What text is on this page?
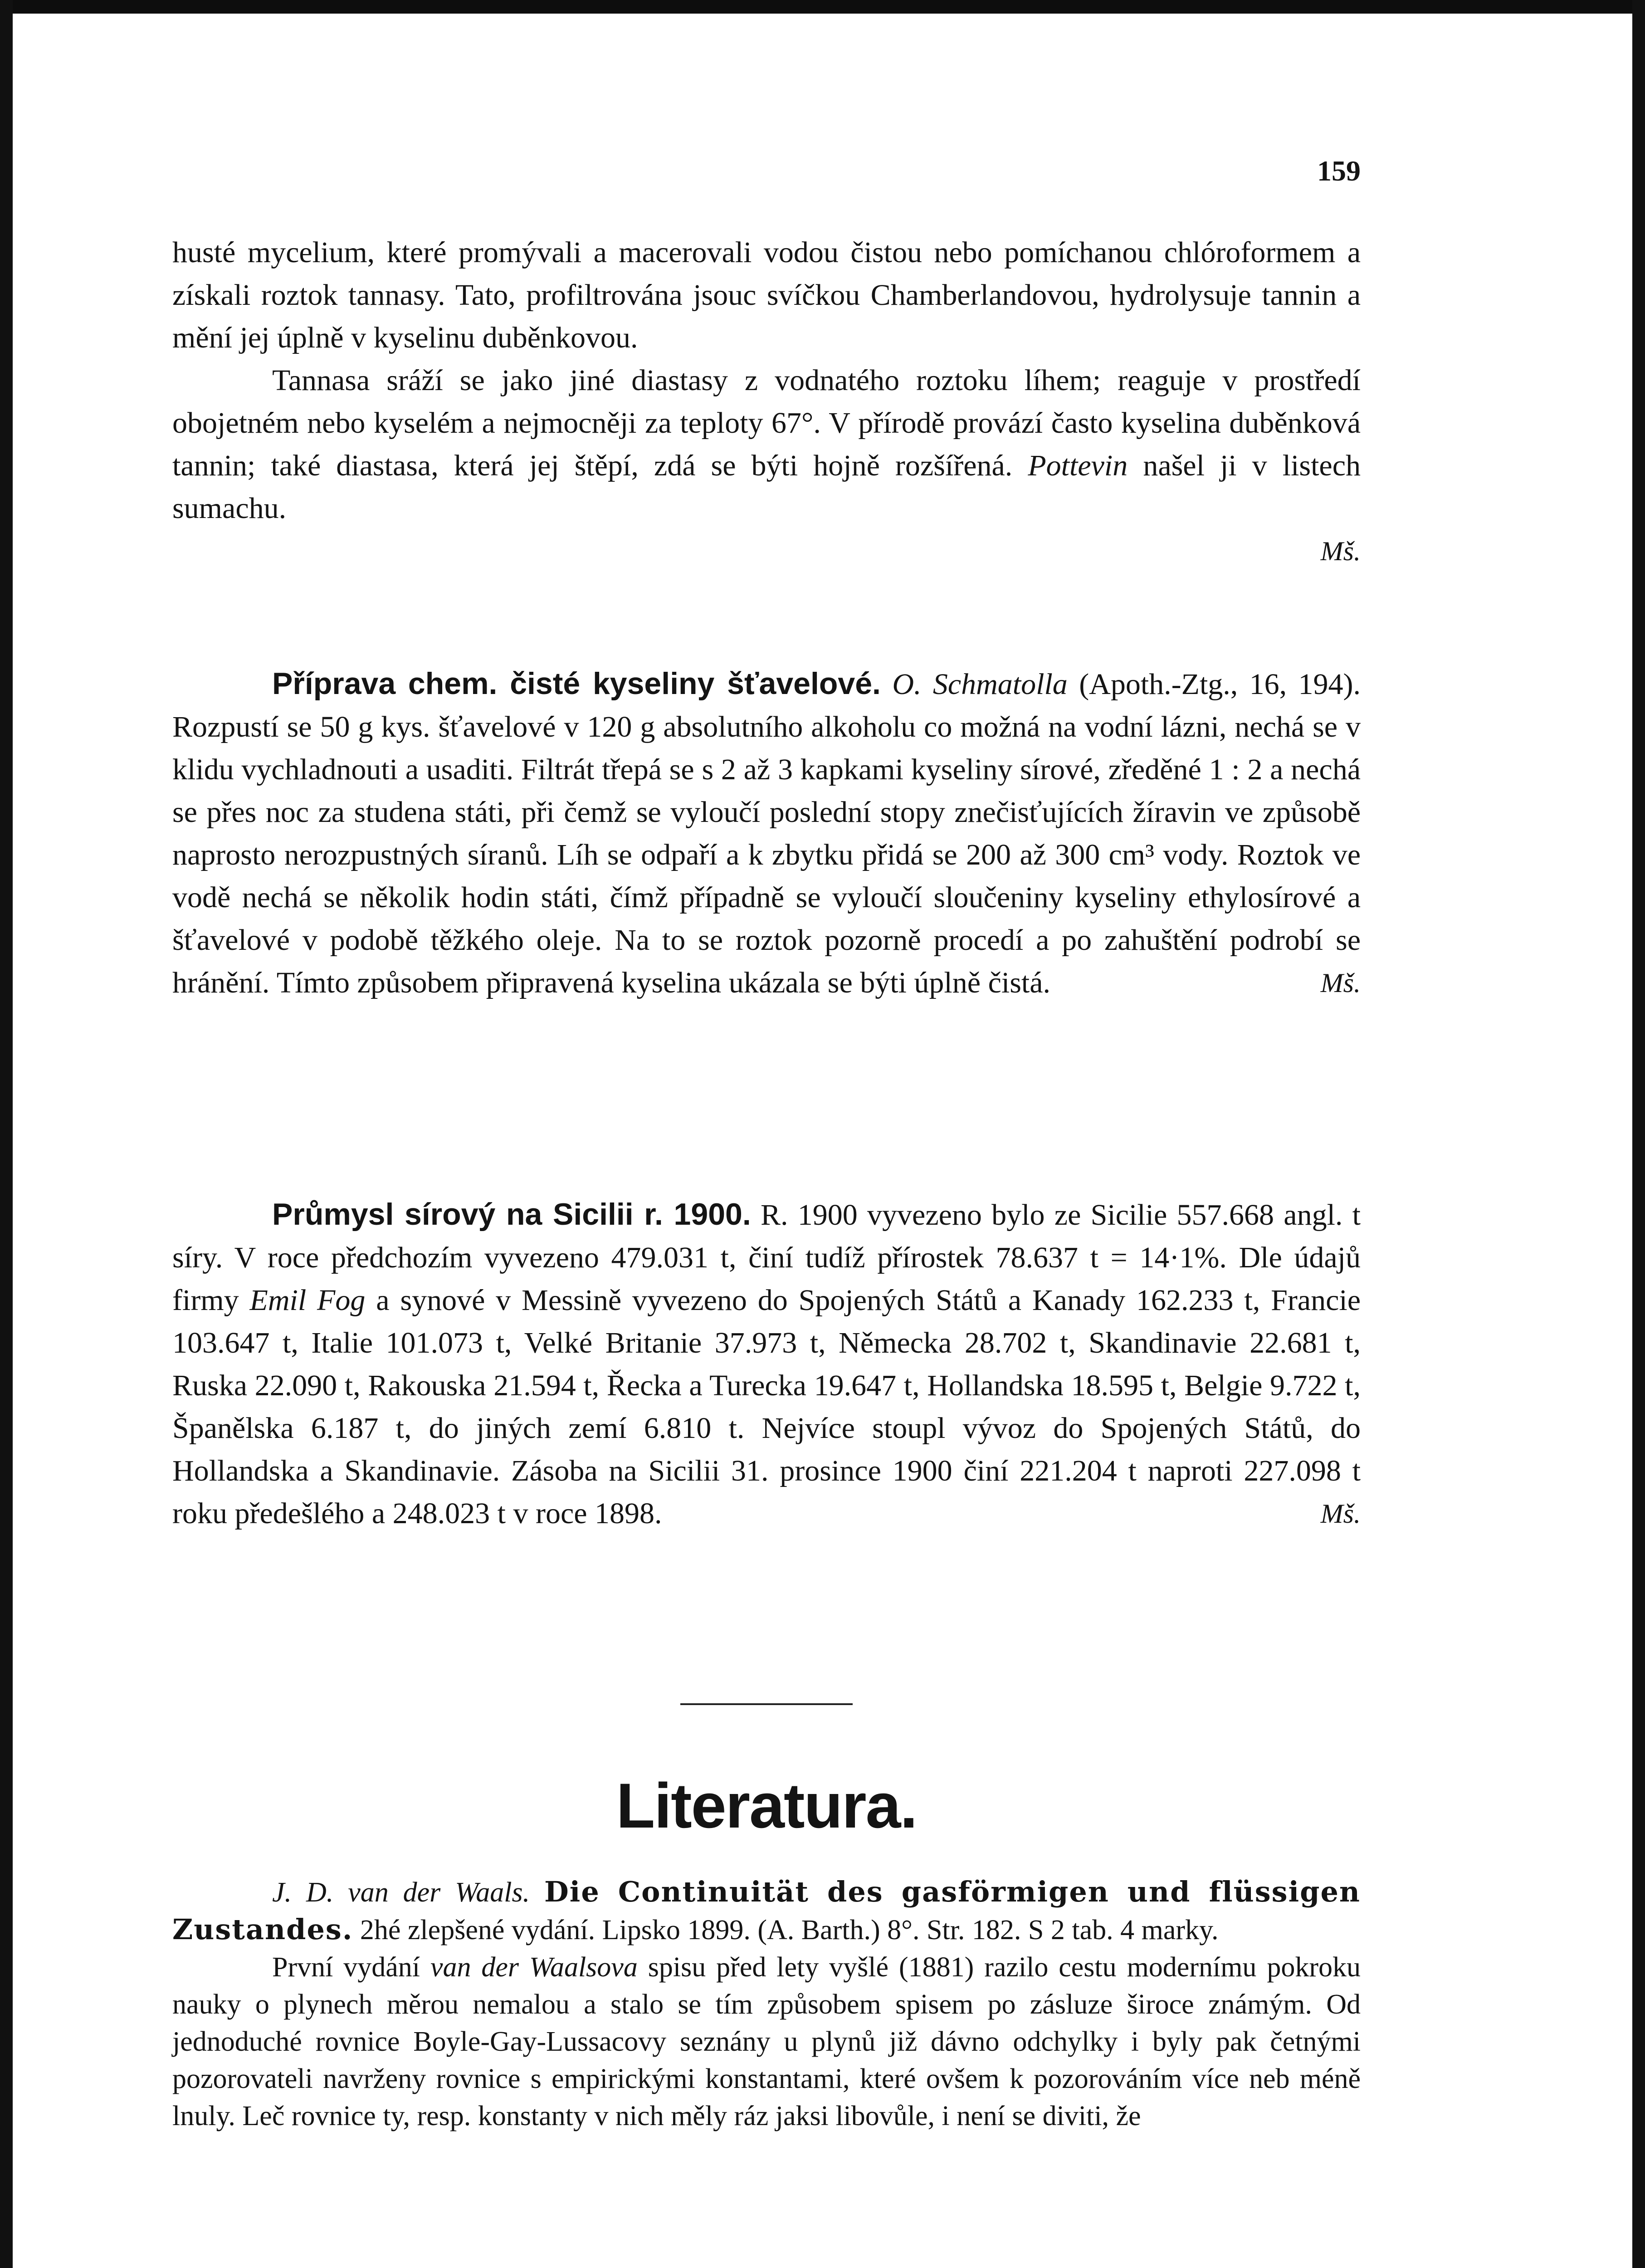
159

husté mycelium, které promývali a macerovali vodou čistou nebo pomíchanou chlóroformem a získali roztok tannasy. Tato, profiltrována jsouc svíčkou Chamberlandovou, hydrolysuje tannin a mění jej úplně v kyselinu duběnkovou.

Tannasa sráží se jako jiné diastasy z vodnatého roztoku líhem; reaguje v prostředí obojetném nebo kyselém a nejmocněji za teploty 67°. V přírodě provází často kyselina duběnková tannin; také diastasa, která jej štěpí, zdá se býti hojně rozšířená. Pottevin našel ji v listech sumachu.

Mš.

Příprava chem. čisté kyseliny šťavelové. O. Schmatolla (Apoth.-Ztg., 16, 194). Rozpustí se 50 g kys. šťavelové v 120 g absolutního alkoholu co možná na vodní lázni, nechá se v klidu vychladnouti a usaditi. Filtrát třepá se s 2 až 3 kapkami kyseliny sírové, zředěné 1 : 2 a nechá se přes noc za studena státi, při čemž se vyloučí poslední stopy znečisťujících žíravin ve způsobě naprosto nerozpustných síranů. Líh se odpaří a k zbytku přidá se 200 až 300 cm³ vody. Roztok ve vodě nechá se několik hodin státi, čímž případně se vyloučí sloučeniny kyseliny ethylosírové a šťavelové v podobě těžkého oleje. Na to se roztok pozorně procedí a po zahuštění podrobí se hránění. Tímto způsobem připravená kyselina ukázala se býti úplně čistá.	Mš.

Průmysl sírový na Sicilii r. 1900. R. 1900 vyvezeno bylo ze Sicilie 557.668 angl. t síry. V roce předchozím vyvezeno 479.031 t, činí tudíž přírostek 78.637 t = 14·1%. Dle údajů firmy Emil Fog a synové v Messině vyvezeno do Spojených Států a Kanady 162.233 t, Francie 103.647 t, Italie 101.073 t, Velké Britanie 37.973 t, Německa 28.702 t, Skandinavie 22.681 t, Ruska 22.090 t, Rakouska 21.594 t, Řecka a Turecka 19.647 t, Hollandska 18.595 t, Belgie 9.722 t, Španělska 6.187 t, do jiných zemí 6.810 t. Nejvíce stoupl vývoz do Spojených Států, do Hollandska a Skandinavie. Zásoba na Sicilii 31. prosince 1900 činí 221.204 t naproti 227.098 t roku předešlého a 248.023 t v roce 1898.	Mš.

Literatura.

J. D. van der Waals. Die Continuität des gasförmigen und flüssigen Zustandes. 2hé zlepšené vydání. Lipsko 1899. (A. Barth.) 8°. Str. 182. S 2 tab. 4 marky.

První vydání van der Waalsova spisu před lety vyšlé (1881) razilo cestu modernímu pokroku nauky o plynech měrou nemalou a stalo se tím způsobem spisem po zásluze široce známým. Od jednoduché rovnice Boyle-Gay-Lussacovy seznány u plynů již dávno odchylky i byly pak četnými pozorovateli navrženy rovnice s empirickými konstantami, které ovšem k pozorováním více neb méně lnuly. Leč rovnice ty, resp. konstanty v nich měly ráz jaksi libovůle, i není se diviti, že
